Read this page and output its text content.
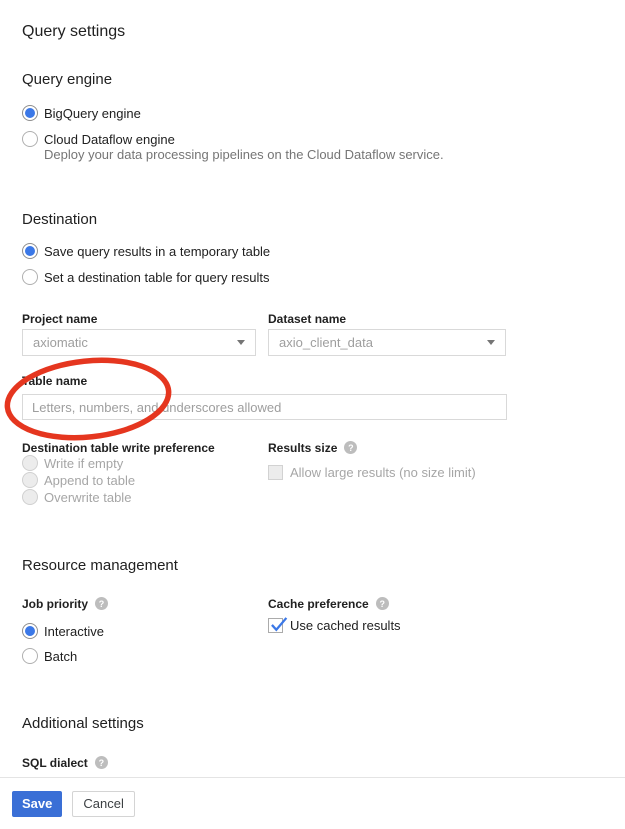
Query settings
Query engine
BigQuery engine
Cloud Dataflow engine
Deploy your data processing pipelines on the Cloud Dataflow service.
Destination
Save query results in a temporary table
Set a destination table for query results
Project name
axiomatic
Dataset name
axio_client_data
Table name
Letters, numbers, and underscores allowed
Destination table write preference
Write if empty
Append to table
Overwrite table
Results size
?
Allow large results (no size limit)
Resource management
Job priority
?
Interactive
Batch
Cache preference
?
Use cached results
Additional settings
SQL dialect
?
Save	Cancel
